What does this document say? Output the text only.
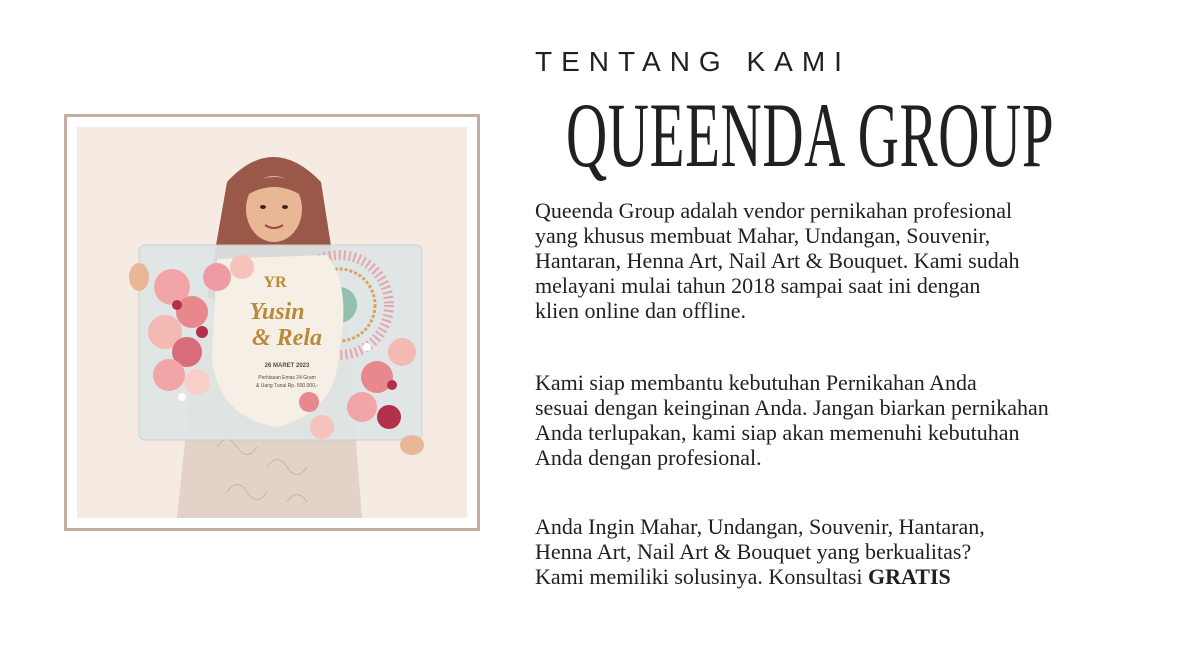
YR
Yusin
& Rela
26 MARET 2023
Perhiasan Emas 24 Gram
& Uang Tunai Rp. 500.000,-
TENTANG KAMI
QUEENDA GROUP

Queenda Group adalah vendor pernikahan profesional
yang khusus membuat Mahar, Undangan, Souvenir,
Hantaran, Henna Art, Nail Art & Bouquet. Kami sudah
melayani mulai tahun 2018 sampai saat ini dengan
klien online dan offline.

Kami siap membantu kebutuhan Pernikahan Anda
sesuai dengan keinginan Anda. Jangan biarkan pernikahan
Anda terlupakan, kami siap akan memenuhi kebutuhan
Anda dengan profesional.

Anda Ingin Mahar, Undangan, Souvenir, Hantaran,
Henna Art, Nail Art & Bouquet yang berkualitas?
Kami memiliki solusinya. Konsultasi GRATIS
